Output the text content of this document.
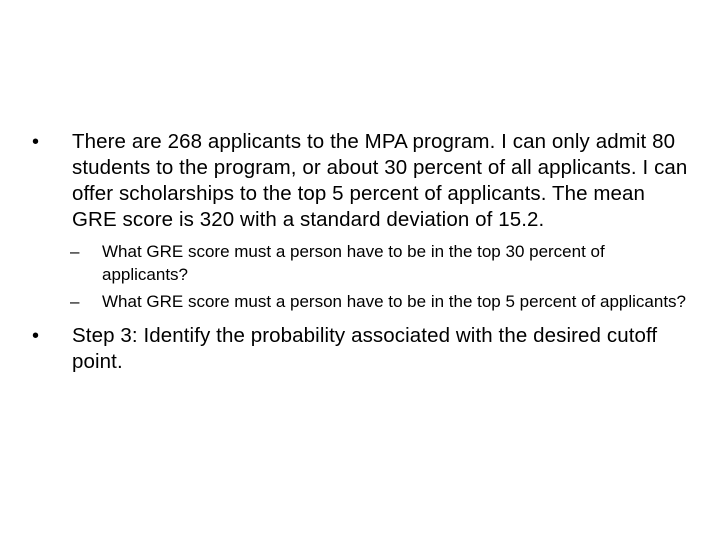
• There are 268 applicants to the MPA program. I can only admit 80 students to the program, or about 30 percent of all applicants. I can offer scholarships to the top 5 percent of applicants. The mean GRE score is 320 with a standard deviation of 15.2.
– What GRE score must a person have to be in the top 30 percent of applicants?
– What GRE score must a person have to be in the top 5 percent of applicants?
• Step 3: Identify the probability associated with the desired cutoff point.
